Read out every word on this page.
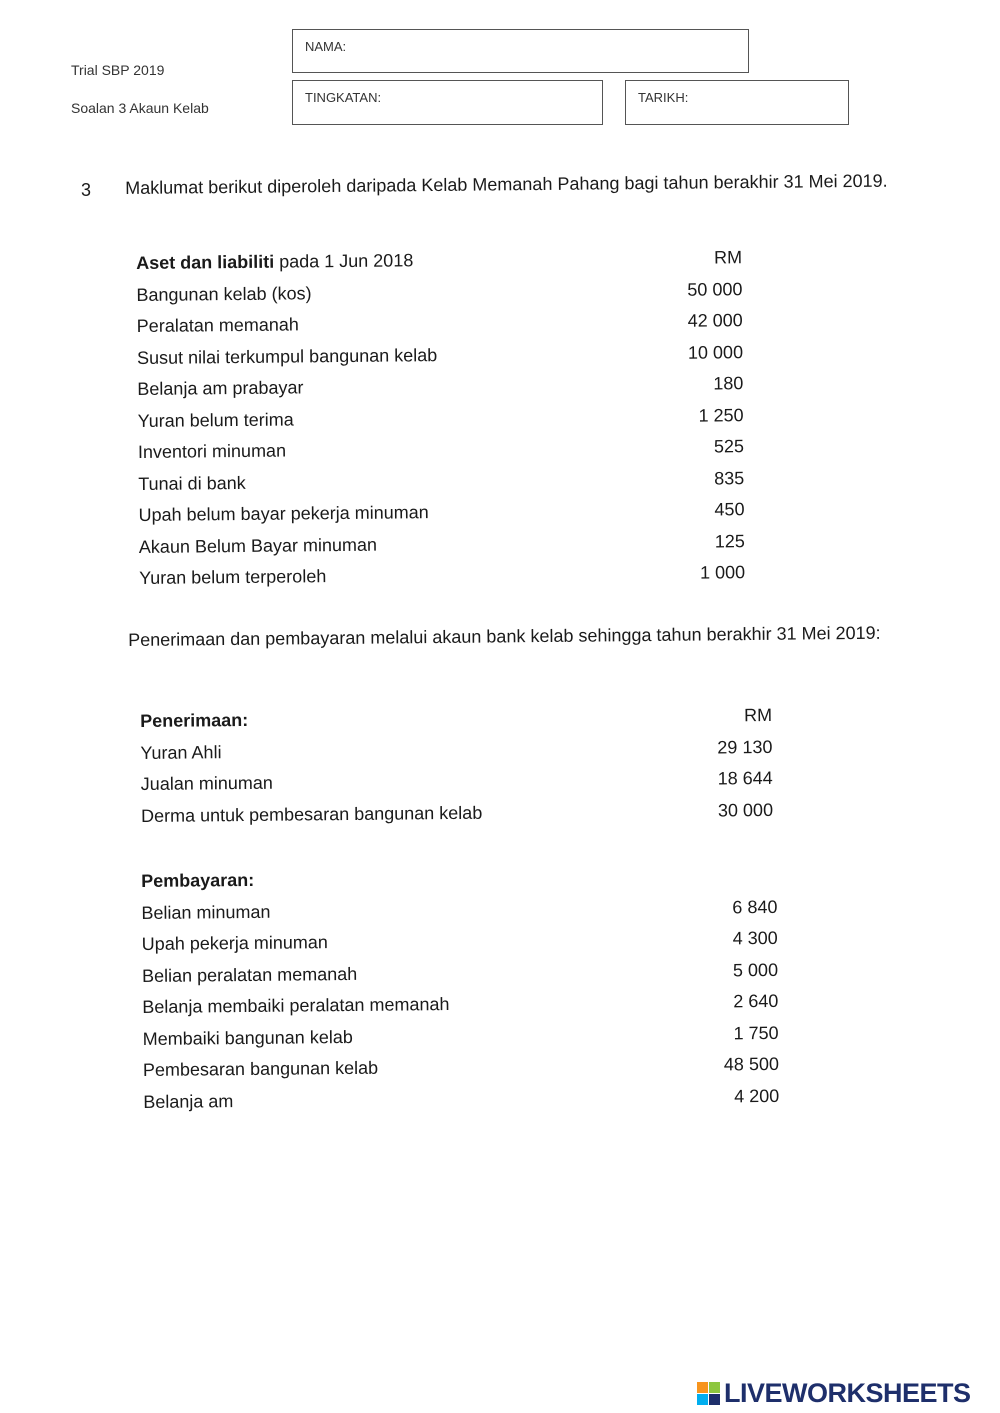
Trial SBP 2019
Soalan 3 Akaun Kelab
NAMA:
TINGKATAN:	TARIKH:
3 Maklumat berikut diperoleh daripada Kelab Memanah Pahang bagi tahun berakhir 31 Mei 2019.
Aset dan liabiliti pada 1 Jun 2018	RM
Bangunan kelab (kos)	50 000
Peralatan memanah	42 000
Susut nilai terkumpul bangunan kelab	10 000
Belanja am prabayar	180
Yuran belum terima	1 250
Inventori minuman	525
Tunai di bank	835
Upah belum bayar pekerja minuman	450
Akaun Belum Bayar minuman	125
Yuran belum terperoleh	1 000
Penerimaan dan pembayaran melalui akaun bank kelab sehingga tahun berakhir 31 Mei 2019:
Penerimaan:	RM
Yuran Ahli	29 130
Jualan minuman	18 644
Derma untuk pembesaran bangunan kelab	30 000
Pembayaran:
Belian minuman	6 840
Upah pekerja minuman	4 300
Belian peralatan memanah	5 000
Belanja membaiki peralatan memanah	2 640
Membaiki bangunan kelab	1 750
Pembesaran bangunan kelab	48 500
Belanja am	4 200
LIVEWORKSHEETS
